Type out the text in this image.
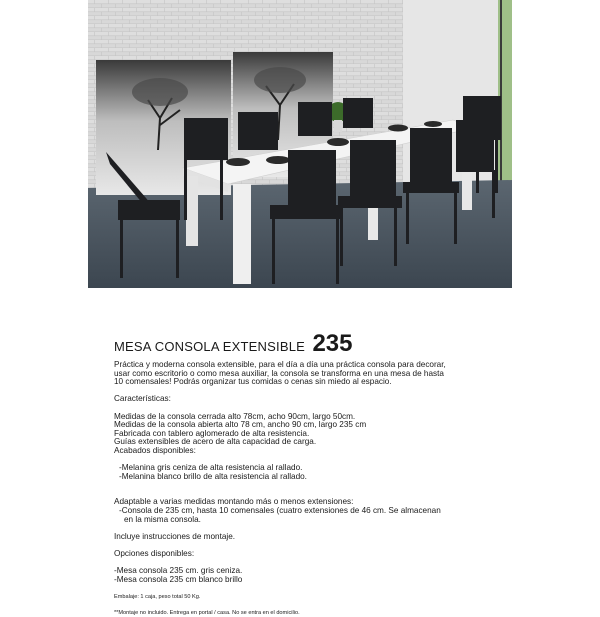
MESA CONSOLA EXTENSIBLE 235
Práctica y moderna consola extensible, para el día a día una práctica consola para decorar,
usar como escritorio o como mesa auxiliar, la consola se transforma en una mesa de hasta
10 comensales! Podrás organizar tus comidas o cenas sin miedo al espacio.
Características:
Medidas de la consola cerrada alto 78cm, acho 90cm, largo 50cm.
Medidas de la consola abierta alto 78 cm, ancho 90 cm, largo 235 cm
Fabricada con tablero aglomerado de alta resistencia.
Guías extensibles de acero de alta capacidad de carga.
Acabados disponibles:
-Melanina gris ceniza de alta resistencia al rallado.
-Melanina blanco brillo de alta resistencia al rallado.
Adaptable a varias medidas montando más o menos extensiones:
-Consola de 235 cm, hasta 10 comensales (cuatro extensiones de 46 cm. Se almacenan
en la misma consola.
Incluye instrucciones de montaje.
Opciones disponibles:
-Mesa consola 235 cm. gris ceniza.
-Mesa consola 235 cm blanco brillo
Embalaje: 1 caja, peso total 50 Kg.
**Montaje no incluido. Entrega en portal / casa. No se entra en el domicilio.
